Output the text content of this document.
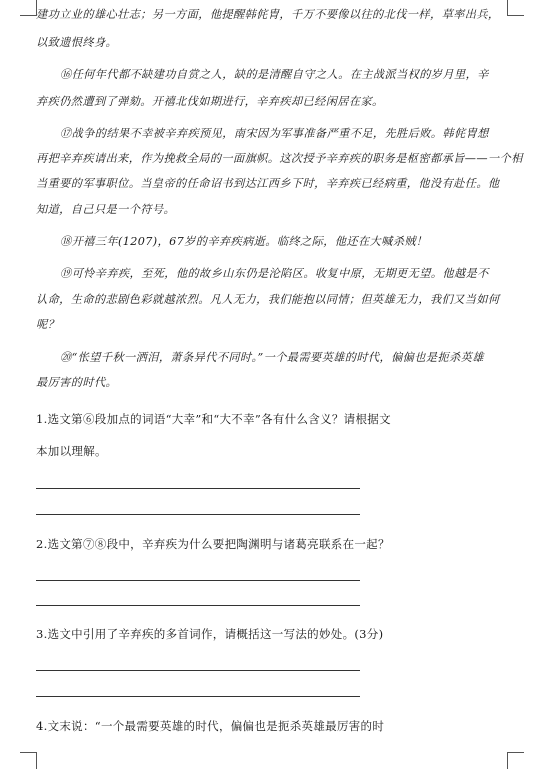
建功立业的雄心壮志；另一方面，他提醒韩侂胄，千万不要像以往的北伐一样，草率出兵，
以致遗恨终身。
⑯任何年代都不缺建功自赏之人，缺的是清醒自守之人。在主战派当权的岁月里，辛
弃疾仍然遭到了弹劾。开禧北伐如期进行，辛弃疾却已经闲居在家。
⑰战争的结果不幸被辛弃疾预见，南宋因为军事准备严重不足，先胜后败。韩侂胄想
再把辛弃疾请出来，作为挽救全局的一面旗帜。这次授予辛弃疾的职务是枢密都承旨——一个相
当重要的军事职位。当皇帝的任命诏书到达江西乡下时，辛弃疾已经病重，他没有赴任。他
知道，自己只是一个符号。
⑱开禧三年(1207)，67岁的辛弃疾病逝。临终之际，他还在大喊杀贼！
⑲可怜辛弃疾，至死，他的故乡山东仍是沦陷区。收复中原，无期更无望。他越是不
认命，生命的悲剧色彩就越浓烈。凡人无力，我们能抱以同情；但英雄无力，我们又当如何
呢？
⑳“怅望千秋一洒泪，萧条异代不同时。”一个最需要英雄的时代，偏偏也是扼杀英雄
最厉害的时代。
1.选文第⑥段加点的词语“大幸”和“大不幸”各有什么含义？请根据文
本加以理解。
2.选文第⑦⑧段中，辛弃疾为什么要把陶渊明与诸葛亮联系在一起？
3.选文中引用了辛弃疾的多首词作，请概括这一写法的妙处。(3分)
4.文末说：“一个最需要英雄的时代，偏偏也是扼杀英雄最厉害的时
